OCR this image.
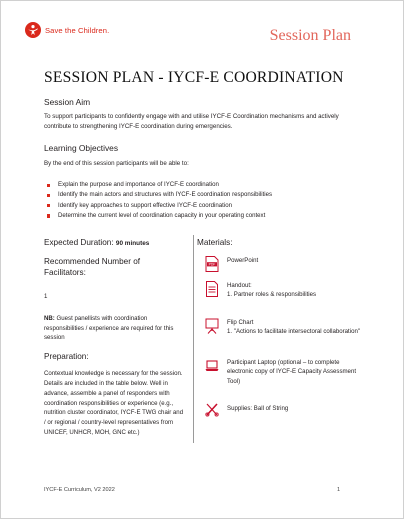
Save the Children.	Session Plan
SESSION PLAN - IYCF-E COORDINATION
Session Aim
To support participants to confidently engage with and utilise IYCF-E Coordination mechanisms and actively contribute to strengthening IYCF-E coordination during emergencies.
Learning Objectives
By the end of this session participants will be able to:
Explain the purpose and importance of IYCF-E coordination
Identify the main actors and structures with IYCF-E coordination responsibilities
Identify key approaches to support effective IYCF-E coordination
Determine the current level of coordination capacity in your operating context
Expected Duration: 90 minutes
Recommended Number of Facilitators:
1
NB: Guest panellists with coordination responsibilities / experience are required for this session
Preparation:
Contextual knowledge is necessary for the session. Details are included in the table below. Well in advance, assemble a panel of responders with coordination responsibilities or experience (e.g., nutrition cluster coordinator, IYCF-E TWG chair and / or regional / country-level representatives from UNICEF, UNHCR, MOH, GNC etc.)
Materials:
PDF
PowerPoint
Handout:
1. Partner roles & responsibilities
Flip Chart
1. "Actions to facilitate intersectoral collaboration"
Participant Laptop (optional – to complete electronic copy of IYCF-E Capacity Assessment Tool)
Supplies: Ball of String
IYCF-E Curriculum, V2 2022	1
